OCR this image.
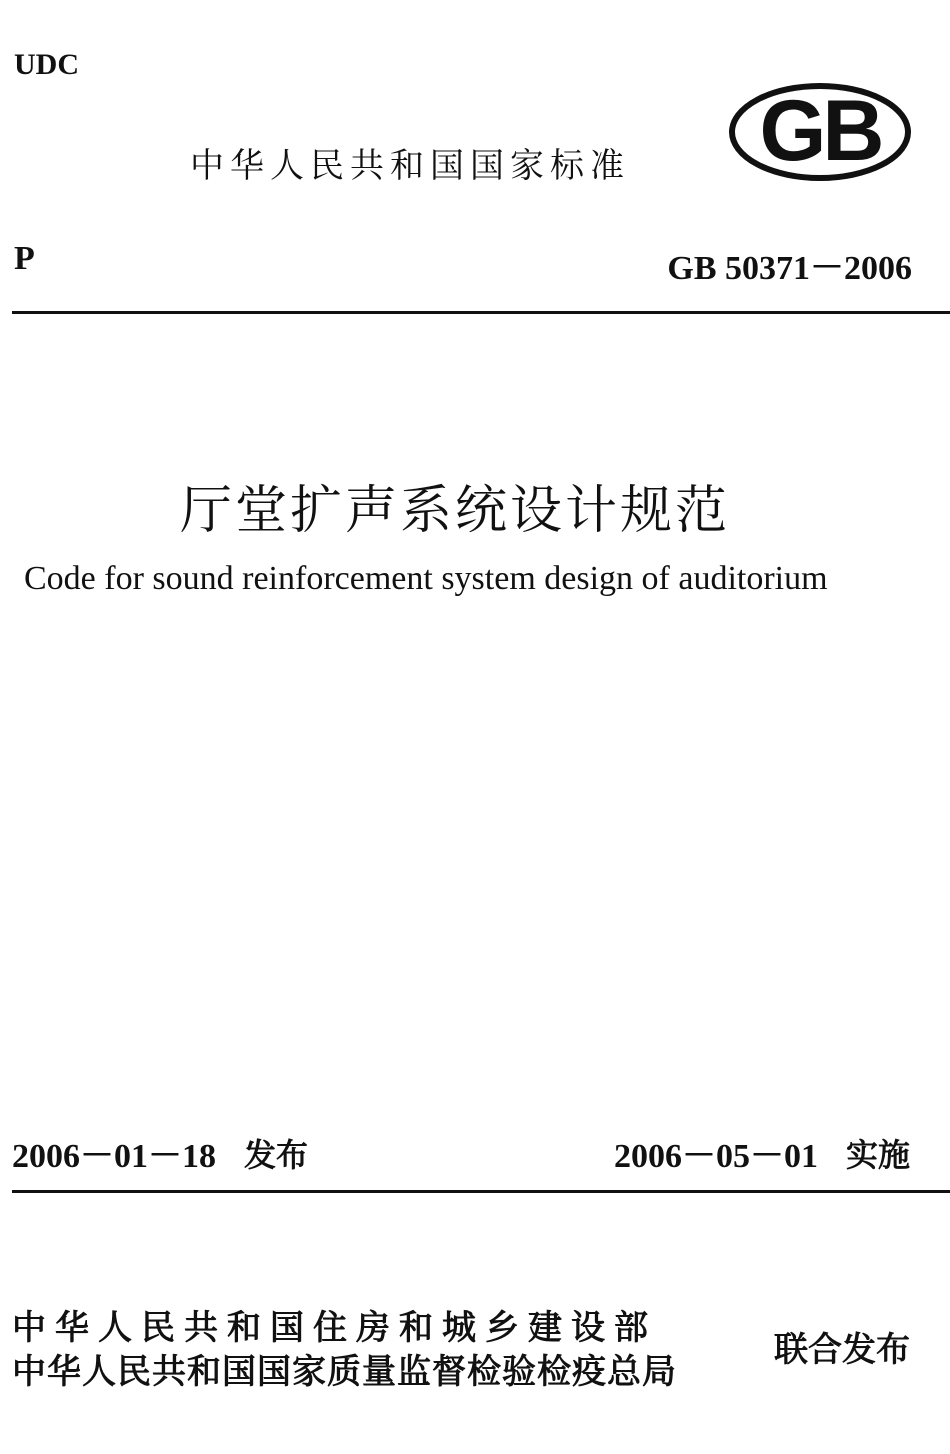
UDC
中华人民共和国国家标准 GB
P	GB 50371－2006
厅堂扩声系统设计规范
Code for sound reinforcement system design of auditorium
2006－01－18 发布	2006－05－01 实施
中华人民共和国住房和城乡建设部
中华人民共和国国家质量监督检验检疫总局
联合发布
